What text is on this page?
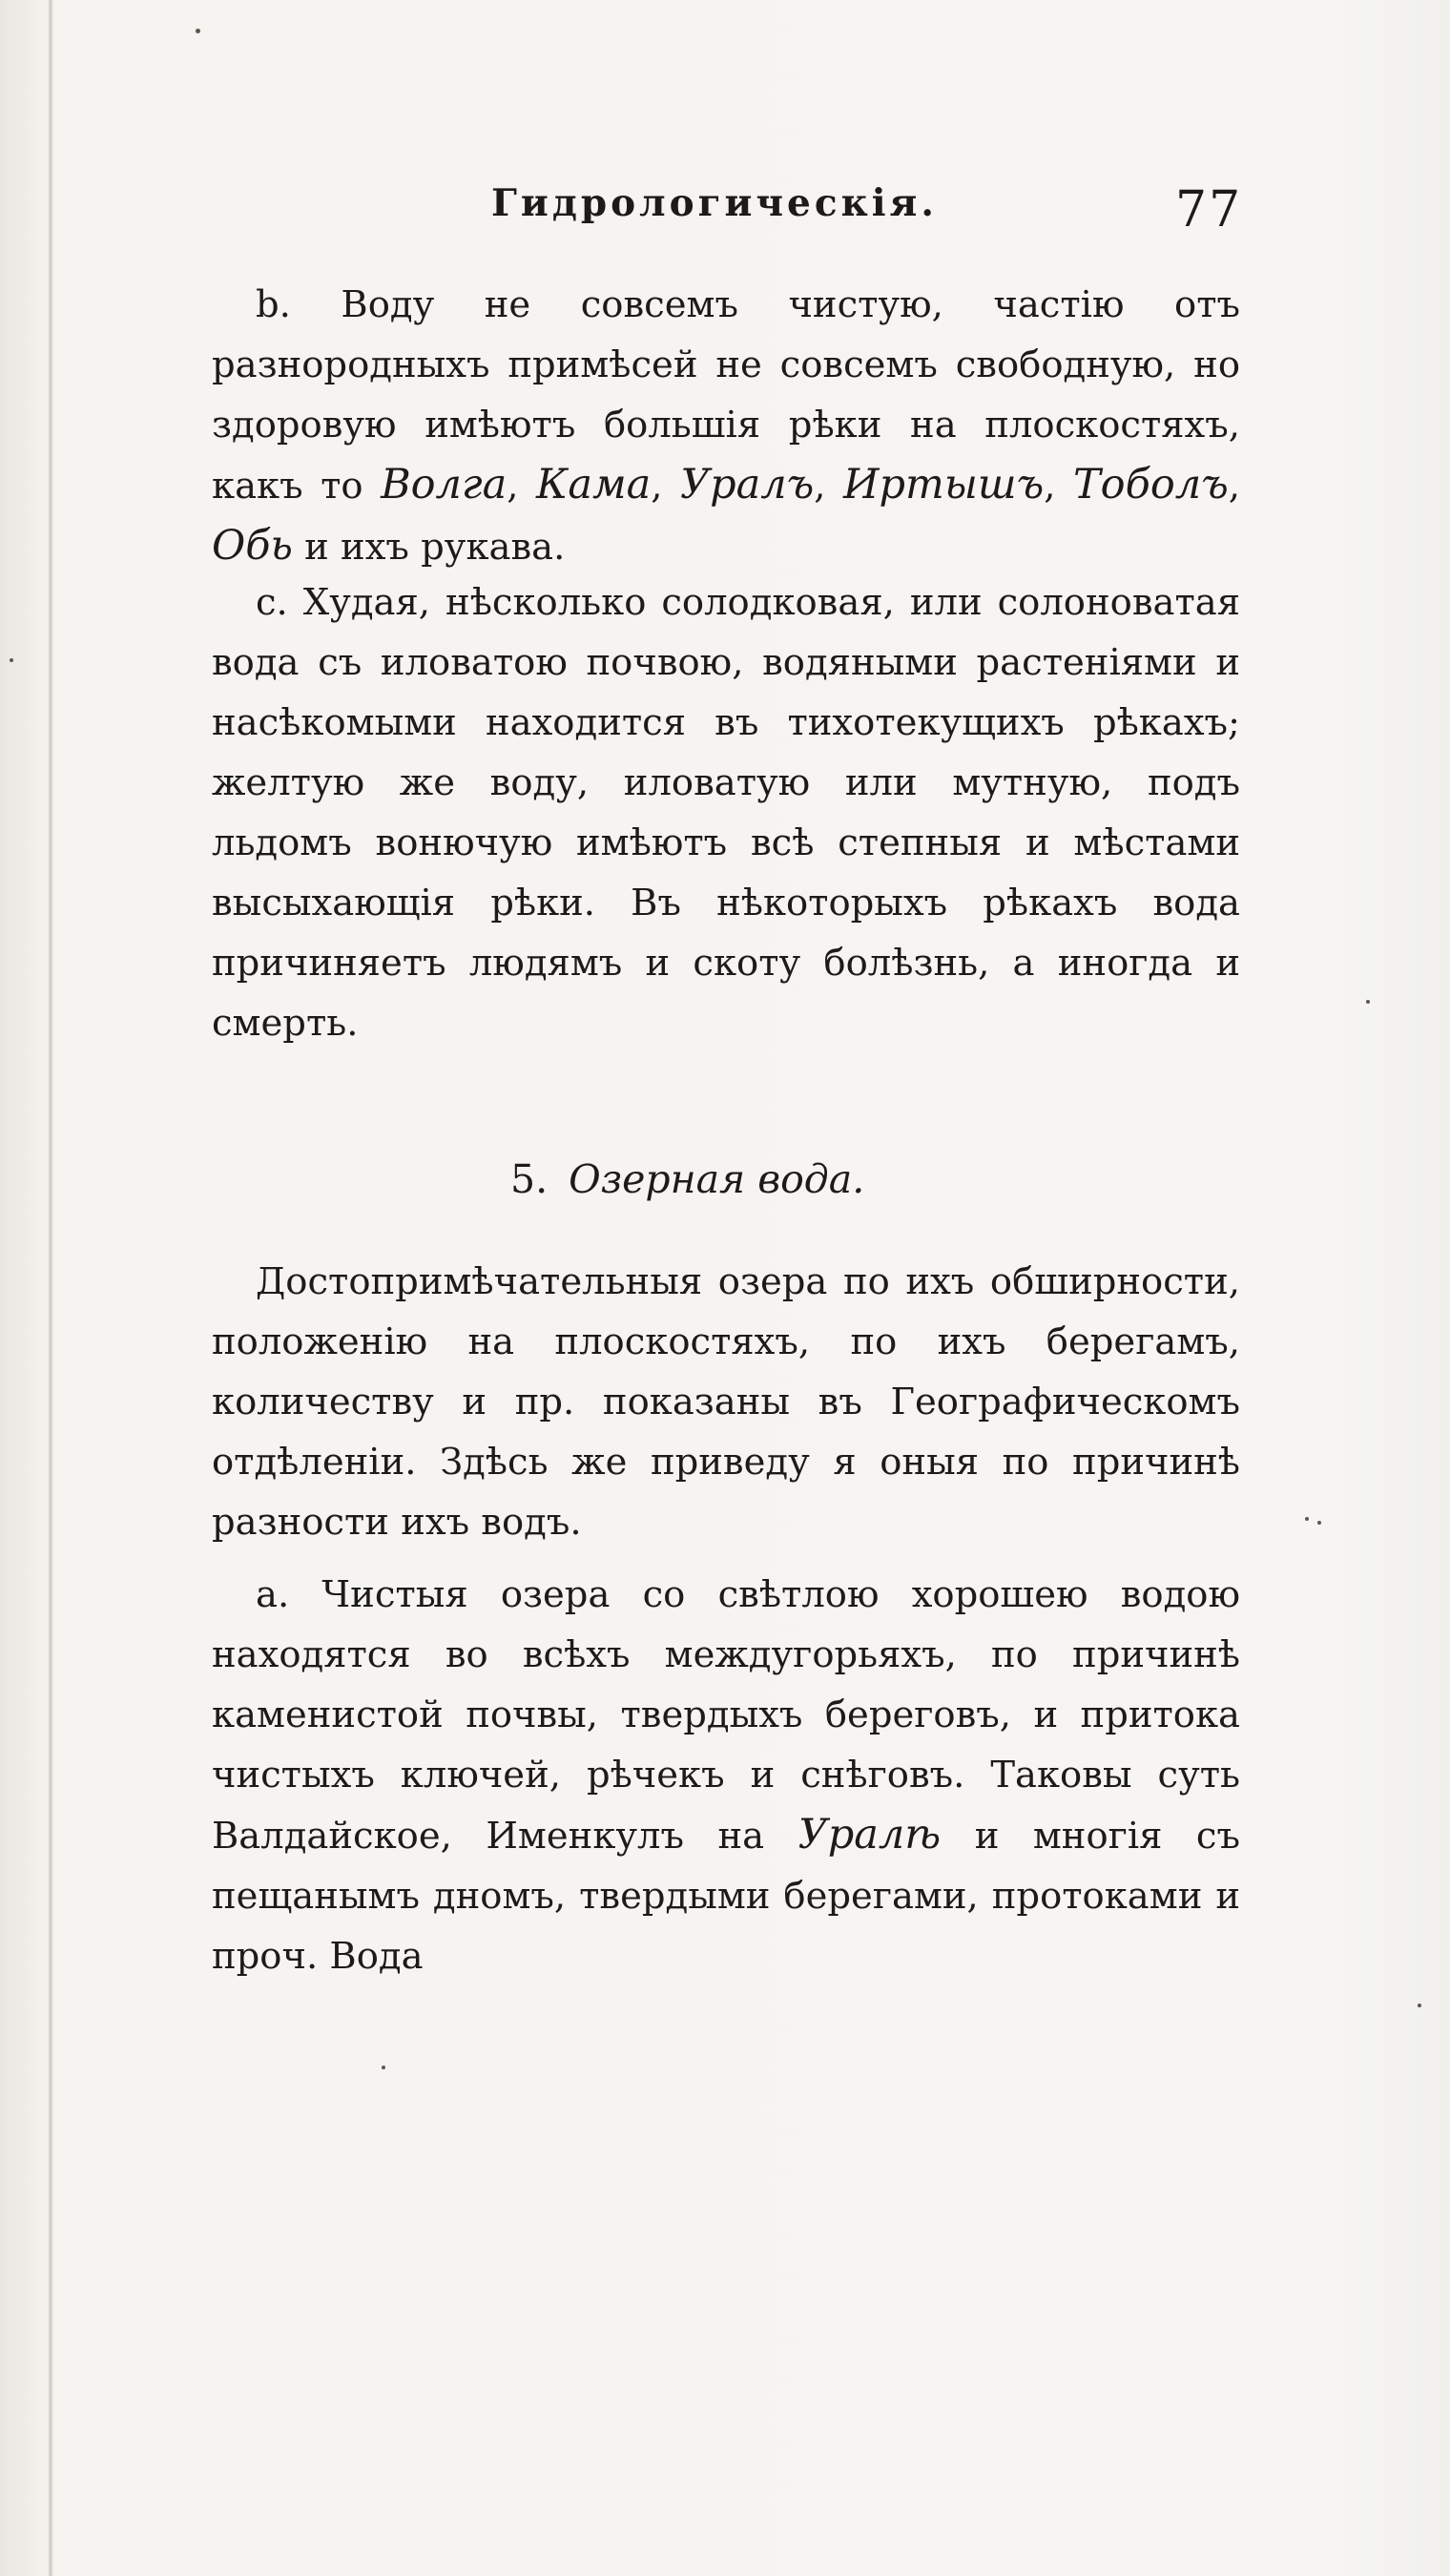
Гидрологическія.	77

b. Воду не совсемъ чистую, частію отъ разнородныхъ примѣсей не совсемъ свободную, но здоровую имѣютъ большія рѣки на плоскостяхъ, какъ то Волга, Кама, Уралъ, Иртышъ, Тоболъ, Обь и ихъ рукава.

с. Худая, нѣсколько солодковая, или солоноватая вода съ иловатою почвою, водяными растеніями и насѣкомыми находится въ тихотекущихъ рѣкахъ; желтую же воду, иловатую или мутную, подъ льдомъ вонючую имѣютъ всѣ степныя и мѣстами высыхающія рѣки. Въ нѣкоторыхъ рѣкахъ вода причиняетъ людямъ и скоту болѣзнь, а иногда и смерть.

5. Озерная вода.

Достопримѣчательныя озера по ихъ обширности, положенію на плоскостяхъ, по ихъ берегамъ, количеству и пр. показаны въ Географическомъ отдѣленіи. Здѣсь же приведу я оныя по причинѣ разности ихъ водъ.

а. Чистыя озера со свѣтлою хорошею водою находятся во всѣхъ междугорьяхъ, по причинѣ каменистой почвы, твердыхъ береговъ, и притока чистыхъ ключей, рѣчекъ и снѣговъ. Таковы суть Валдайское, Именкулъ на Уралѣ и многія съ пещанымъ дномъ, твердыми берегами, протоками и проч. Вода
